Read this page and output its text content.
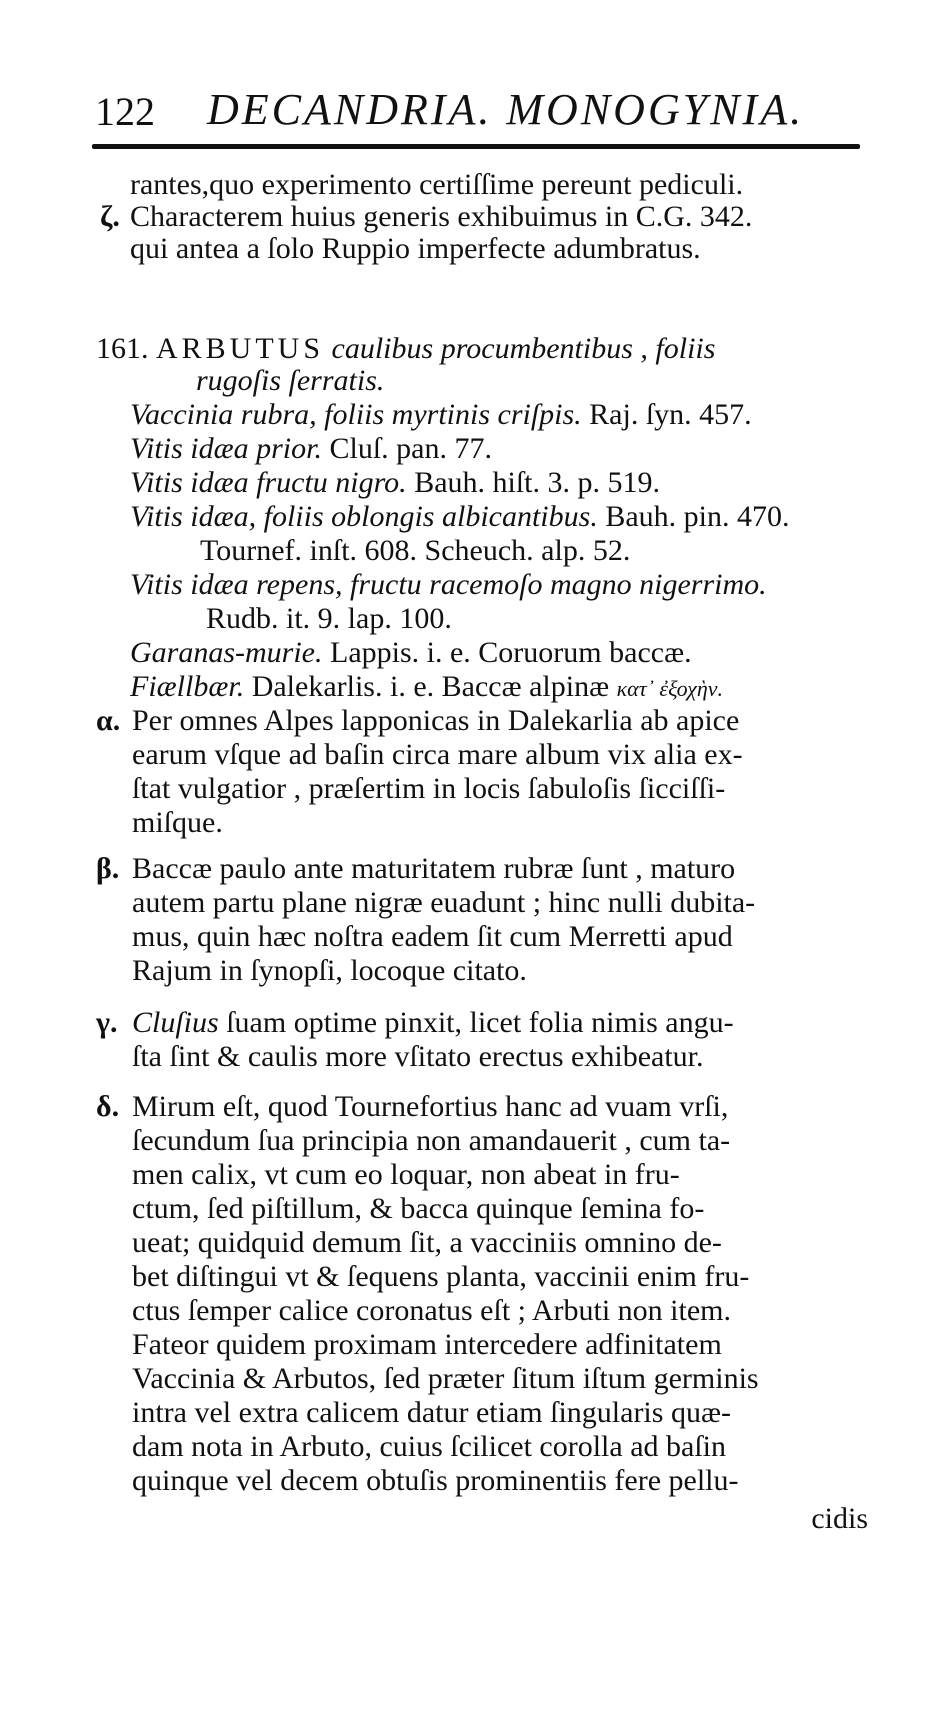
122 DECANDRIA. MONOGYNIA.
rantes,quo experimento certiſſime pereunt pediculi.
ζ. Characterem huius generis exhibuimus in C.G. 342.
qui antea a ſolo Ruppio imperfecte adumbratus.
161. ARBUTUS caulibus procumbentibus , foliis
rugoſis ſerratis.
Vaccinia rubra, foliis myrtinis criſpis. Raj. ſyn. 457.
Vitis idæa prior. Cluſ. pan. 77.
Vitis idæa fructu nigro. Bauh. hiſt. 3. p. 519.
Vitis idæa, foliis oblongis albicantibus. Bauh. pin. 470.
Tournef. inſt. 608. Scheuch. alp. 52.
Vitis idæa repens, fructu racemoſo magno nigerrimo.
Rudb. it. 9. lap. 100.
Garanas-murie. Lappis. i. e. Coruorum baccæ.
Fiællbær. Dalekarlis. i. e. Baccæ alpinæ κατ᾽ ἐξοχὴν.
α. Per omnes Alpes lapponicas in Dalekarlia ab apice
earum vſque ad baſin circa mare album vix alia ex-
ſtat vulgatior , præſertim in locis ſabuloſis ſicciſſi-
miſque.
β. Baccæ paulo ante maturitatem rubræ ſunt , maturo
autem partu plane nigræ euadunt ; hinc nulli dubita-
mus, quin hæc noſtra eadem ſit cum Merretti apud
Rajum in ſynopſi, locoque citato.
γ. Cluſius ſuam optime pinxit, licet folia nimis angu-
ſta ſint & caulis more vſitato erectus exhibeatur.
δ. Mirum eſt, quod Tournefortius hanc ad vuam vrſi,
ſecundum ſua principia non amandauerit , cum ta-
men calix, vt cum eo loquar, non abeat in fru-
ctum, ſed piſtillum, & bacca quinque ſemina fo-
ueat; quidquid demum ſit, a vacciniis omnino de-
bet diſtingui vt & ſequens planta, vaccinii enim fru-
ctus ſemper calice coronatus eſt ; Arbuti non item.
Fateor quidem proximam intercedere adfinitatem
Vaccinia & Arbutos, ſed præter ſitum iſtum germinis
intra vel extra calicem datur etiam ſingularis quæ-
dam nota in Arbuto, cuius ſcilicet corolla ad baſin
quinque vel decem obtuſis prominentiis fere pellu-
cidis
